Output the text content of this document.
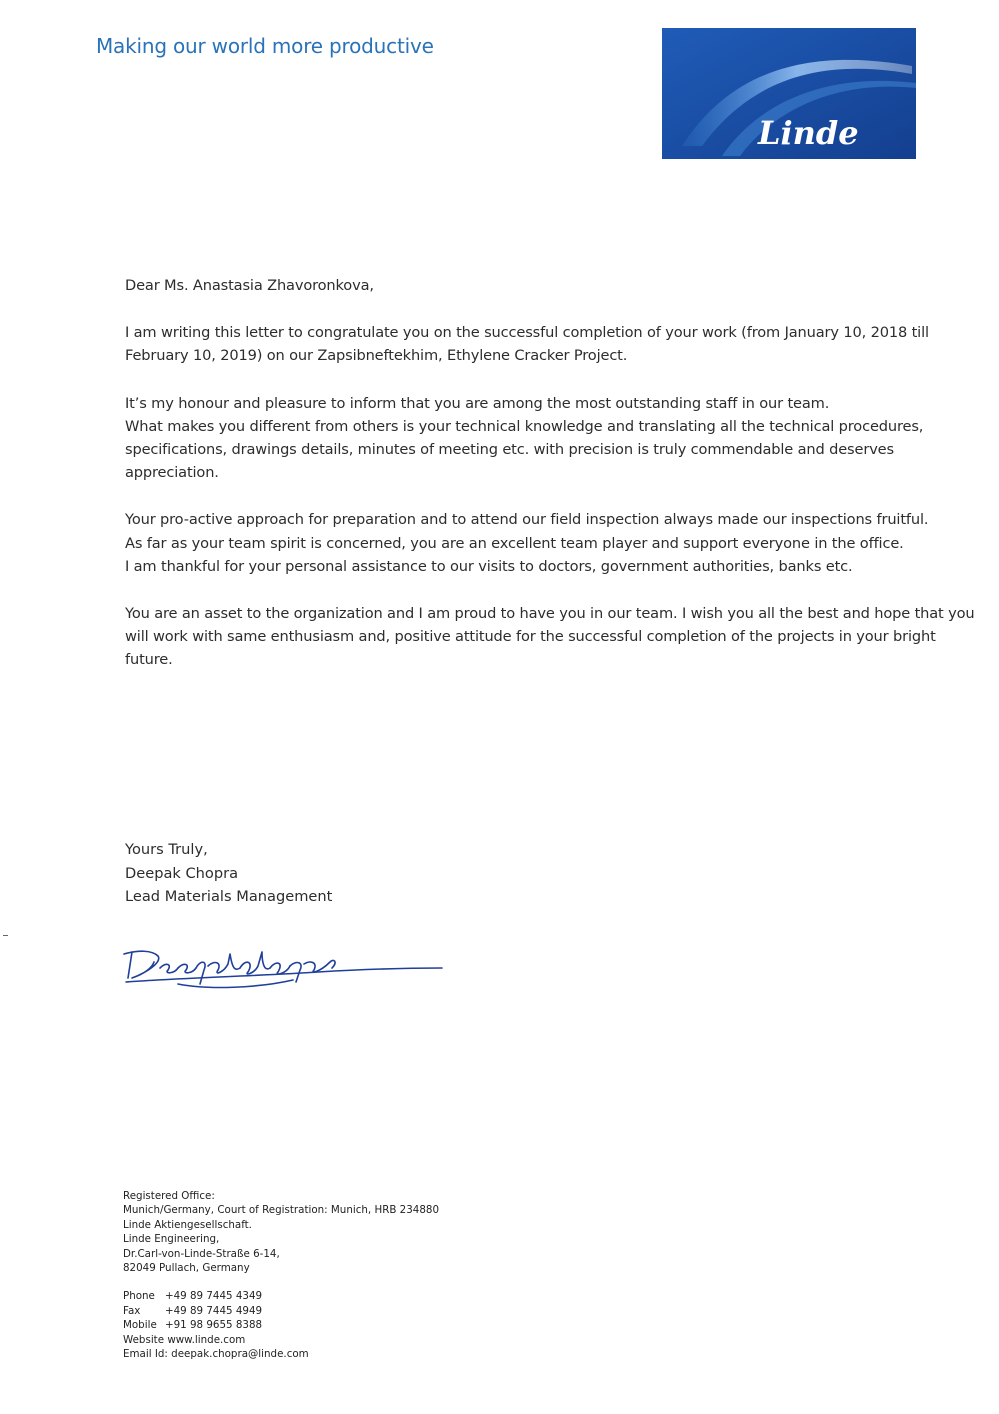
Making our world more productive
Linde

Dear Ms. Anastasia Zhavoronkova,

I am writing this letter to congratulate you on the successful completion of your work (from January 10, 2018 till
February 10, 2019) on our Zapsibneftekhim, Ethylene Cracker Project.

It’s my honour and pleasure to inform that you are among the most outstanding staff in our team.
What makes you different from others is your technical knowledge and translating all the technical procedures,
specifications, drawings details, minutes of meeting etc. with precision is truly commendable and deserves
appreciation.

Your pro-active approach for preparation and to attend our field inspection always made our inspections fruitful.
As far as your team spirit is concerned, you are an excellent team player and support everyone in the office.
I am thankful for your personal assistance to our visits to doctors, government authorities, banks etc.

You are an asset to the organization and I am proud to have you in our team. I wish you all the best and hope that you
will work with same enthusiasm and, positive attitude for the successful completion of the projects in your bright
future.

Yours Truly,
Deepak Chopra
Lead Materials Management
Registered Office:
Munich/Germany, Court of Registration: Munich, HRB 234880
Linde Aktiengesellschaft.
Linde Engineering,
Dr.Carl-von-Linde-Straße 6-14,
82049 Pullach, Germany
Phone +49 89 7445 4349
Fax +49 89 7445 4949
Mobile +91 98 9655 8388
Website www.linde.com
Email Id: deepak.chopra@linde.com
